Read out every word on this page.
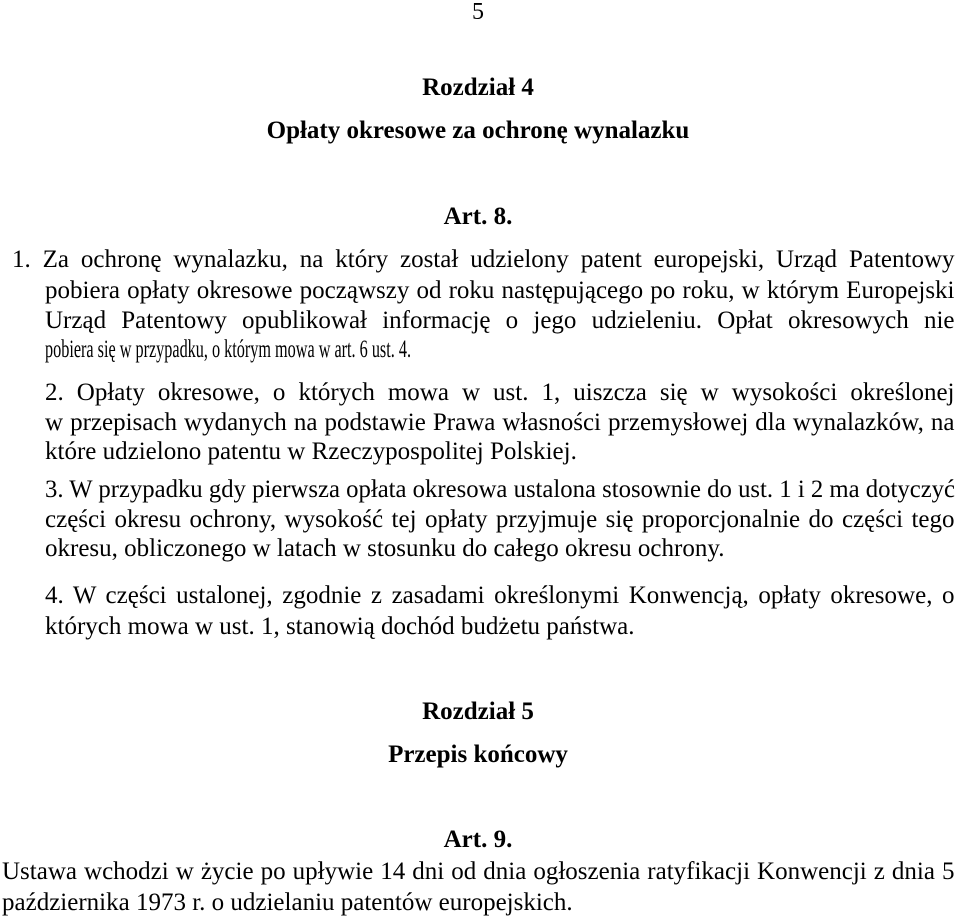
5
Rozdział 4
Opłaty okresowe za ochronę wynalazku
Art. 8.
1. Za ochronę wynalazku, na który został udzielony patent europejski, Urząd Patentowy
pobiera opłaty okresowe począwszy od roku następującego po roku, w którym Europejski
Urząd Patentowy opublikował informację o jego udzieleniu. Opłat okresowych nie
pobiera się w przypadku, o którym mowa w art. 6 ust. 4.
2. Opłaty okresowe, o których mowa w ust. 1, uiszcza się w wysokości określonej
w przepisach wydanych na podstawie Prawa własności przemysłowej dla wynalazków, na
które udzielono patentu w Rzeczypospolitej Polskiej.
3. W przypadku gdy pierwsza opłata okresowa ustalona stosownie do ust. 1 i 2 ma dotyczyć
części okresu ochrony, wysokość tej opłaty przyjmuje się proporcjonalnie do części tego
okresu, obliczonego w latach w stosunku do całego okresu ochrony.
4. W części ustalonej, zgodnie z zasadami określonymi Konwencją, opłaty okresowe, o
których mowa w ust. 1, stanowią dochód budżetu państwa.
Rozdział 5
Przepis końcowy
Art. 9.
Ustawa wchodzi w życie po upływie 14 dni od dnia ogłoszenia ratyfikacji Konwencji z dnia 5
października 1973 r. o udzielaniu patentów europejskich.
